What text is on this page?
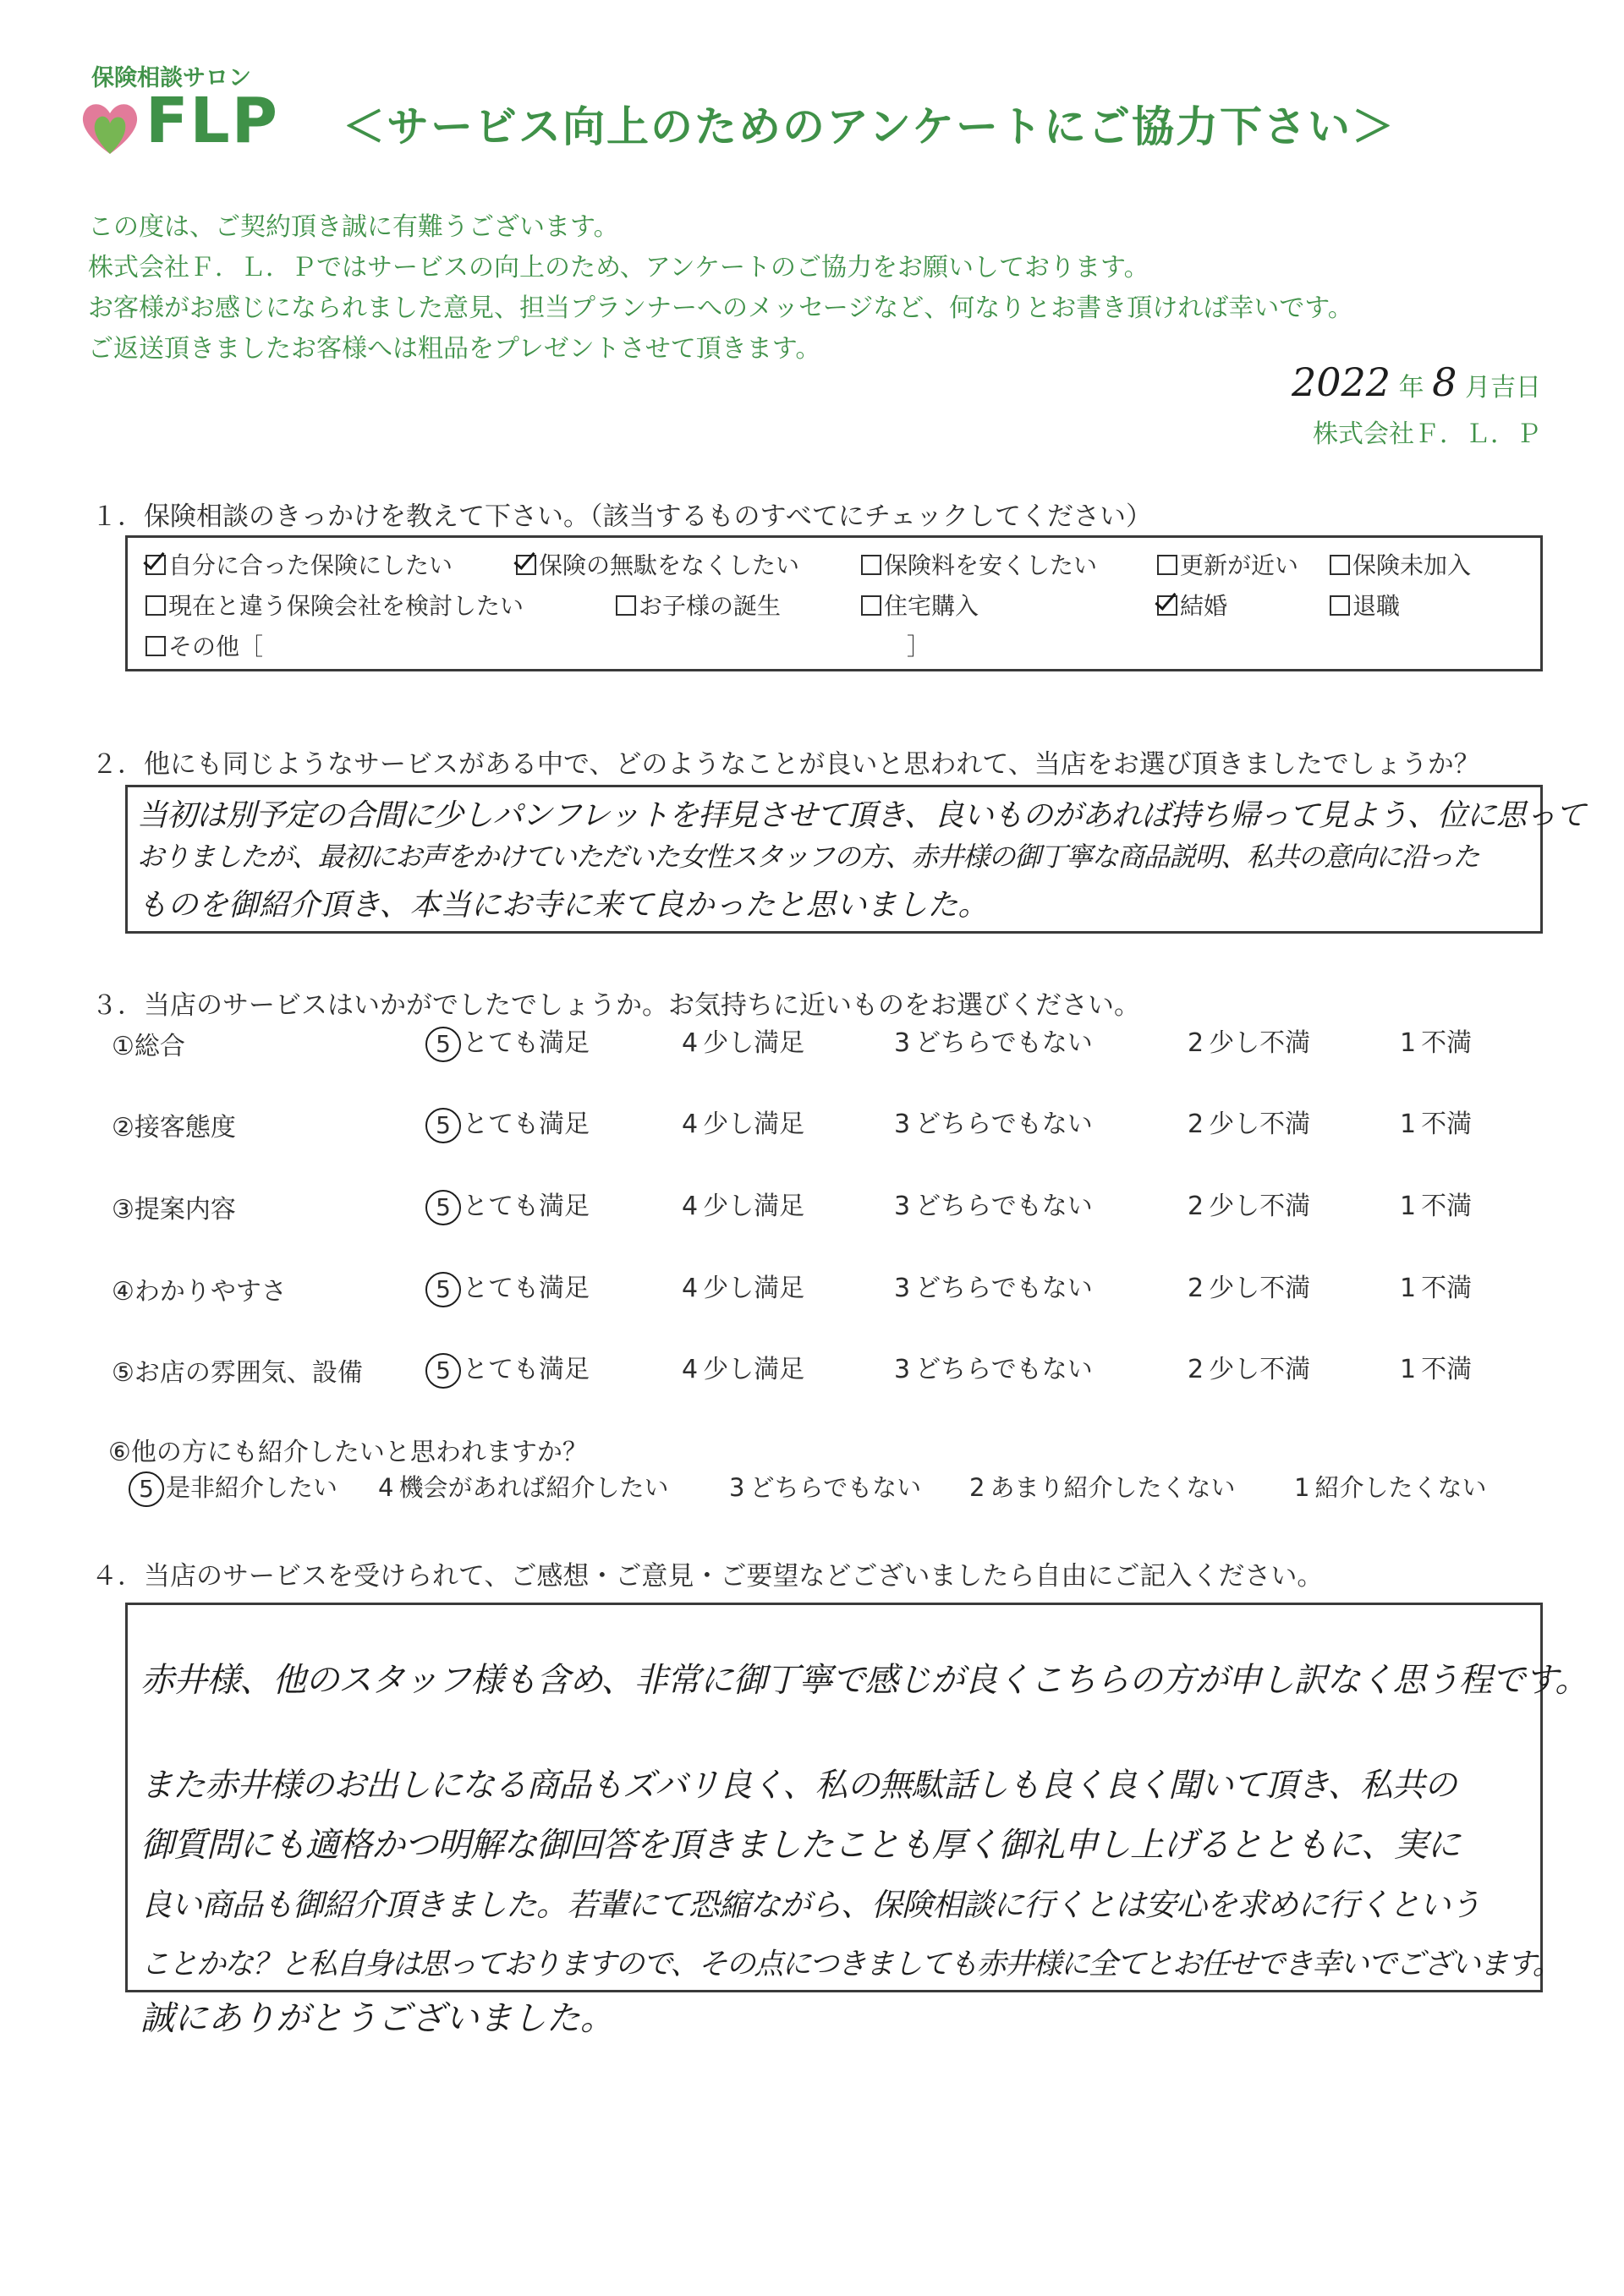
保険相談サロン
FLP ＜サービス向上のためのアンケートにご協力下さい＞
この度は、ご契約頂き誠に有難うございます。
株式会社Ｆ．Ｌ．Ｐではサービスの向上のため、アンケートのご協力をお願いしております。
お客様がお感じになられました意見、担当プランナーへのメッセージなど、何なりとお書き頂ければ幸いです。
ご返送頂きましたお客様へは粗品をプレゼントさせて頂きます。
2022 年 8 月吉日
株式会社Ｆ．Ｌ．Ｐ
１．保険相談のきっかけを教えて下さい。（該当するものすべてにチェックしてください）
自分に合った保険にしたい	保険の無駄をなくしたい	保険料を安くしたい	更新が近い	保険未加入
現在と違う保険会社を検討したい	お子様の誕生	住宅購入	結婚	退職
その他［	］
２．他にも同じようなサービスがある中で、どのようなことが良いと思われて、当店をお選び頂きましたでしょうか？
当初は別予定の合間に少しパンフレットを拝見させて頂き、良いものがあれば持ち帰って見よう、位に思って
おりましたが、最初にお声をかけていただいた女性スタッフの方、赤井様の御丁寧な商品説明、私共の意向に沿った
ものを御紹介頂き、本当にお寺に来て良かったと思いました。
３．当店のサービスはいかがでしたでしょうか。お気持ちに近いものをお選びください。
①総合	5 とても満足	4 少し満足	3 どちらでもない	2 少し不満	1 不満
②接客態度	5 とても満足	4 少し満足	3 どちらでもない	2 少し不満	1 不満
③提案内容	5 とても満足	4 少し満足	3 どちらでもない	2 少し不満	1 不満
④わかりやすさ	5 とても満足	4 少し満足	3 どちらでもない	2 少し不満	1 不満
⑤お店の雰囲気、設備	5 とても満足	4 少し満足	3 どちらでもない	2 少し不満	1 不満
⑥他の方にも紹介したいと思われますか？
5 是非紹介したい 4 機会があれば紹介したい 3 どちらでもない 2 あまり紹介したくない 1 紹介したくない
４．当店のサービスを受けられて、ご感想・ご意見・ご要望などございましたら自由にご記入ください。
赤井様、他のスタッフ様も含め、非常に御丁寧で感じが良くこちらの方が申し訳なく思う程です。
また赤井様のお出しになる商品もズバリ良く、私の無駄話しも良く良く聞いて頂き、私共の
御質問にも適格かつ明解な御回答を頂きましたことも厚く御礼申し上げるとともに、実に
良い商品も御紹介頂きました。若輩にて恐縮ながら、保険相談に行くとは安心を求めに行くという
ことかな？と私自身は思っておりますので、その点につきましても赤井様に全てとお任せでき幸いでございます。
誠にありがとうございました。
